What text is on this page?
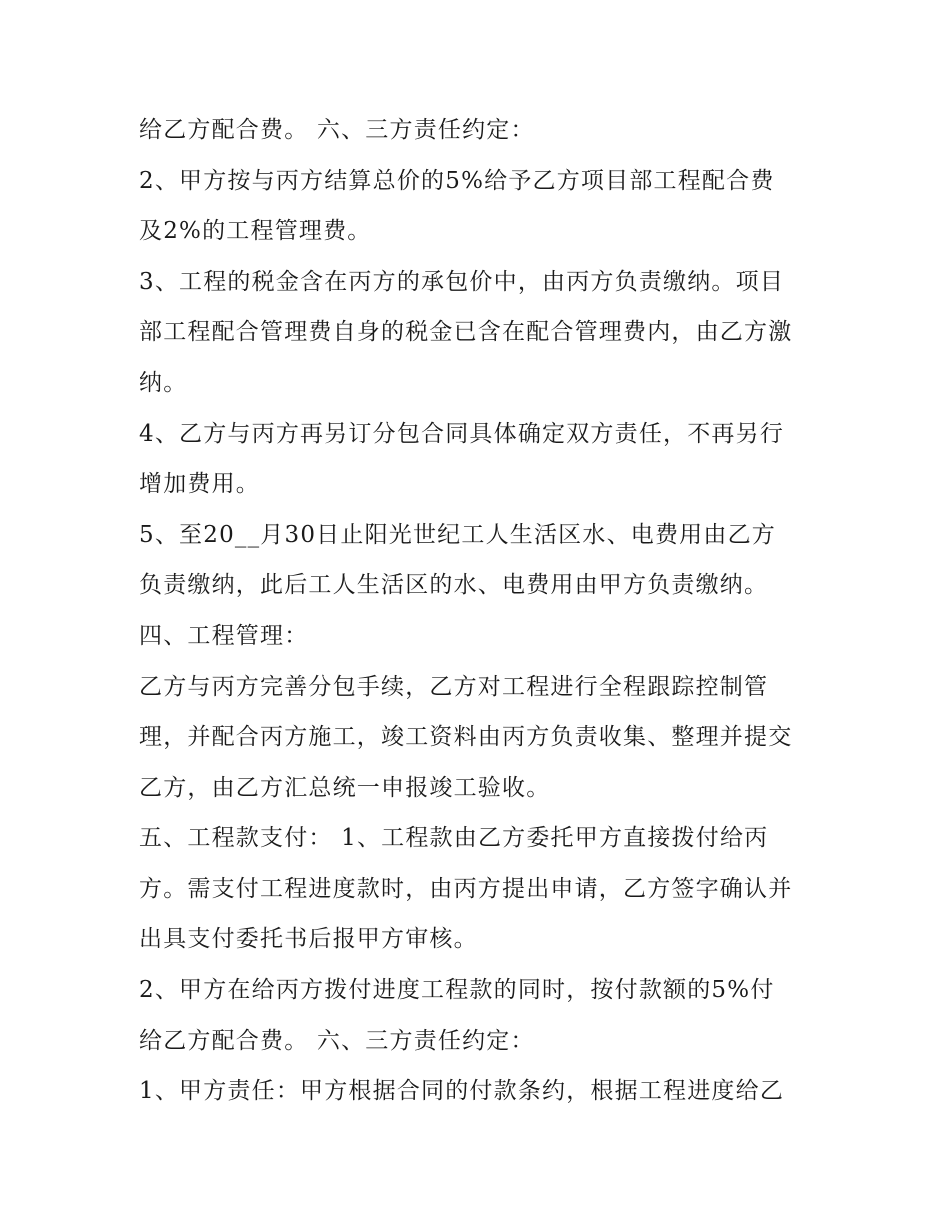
给乙方配合费。 六、三方责任约定：
2、甲方按与丙方结算总价的5%给予乙方项目部工程配合费
及2%的工程管理费。
3、工程的税金含在丙方的承包价中，由丙方负责缴纳。项目
部工程配合管理费自身的税金已含在配合管理费内，由乙方激
纳。
4、乙方与丙方再另订分包合同具体确定双方责任，不再另行
增加费用。
5、至20__月30日止阳光世纪工人生活区水、电费用由乙方
负责缴纳，此后工人生活区的水、电费用由甲方负责缴纳。
四、工程管理：
乙方与丙方完善分包手续，乙方对工程进行全程跟踪控制管
理，并配合丙方施工，竣工资料由丙方负责收集、整理并提交
乙方，由乙方汇总统一申报竣工验收。
五、工程款支付： 1、工程款由乙方委托甲方直接拨付给丙
方。需支付工程进度款时，由丙方提出申请，乙方签字确认并
出具支付委托书后报甲方审核。
2、甲方在给丙方拨付进度工程款的同时，按付款额的5%付
给乙方配合费。 六、三方责任约定：
1、甲方责任：甲方根据合同的付款条约，根据工程进度给乙
